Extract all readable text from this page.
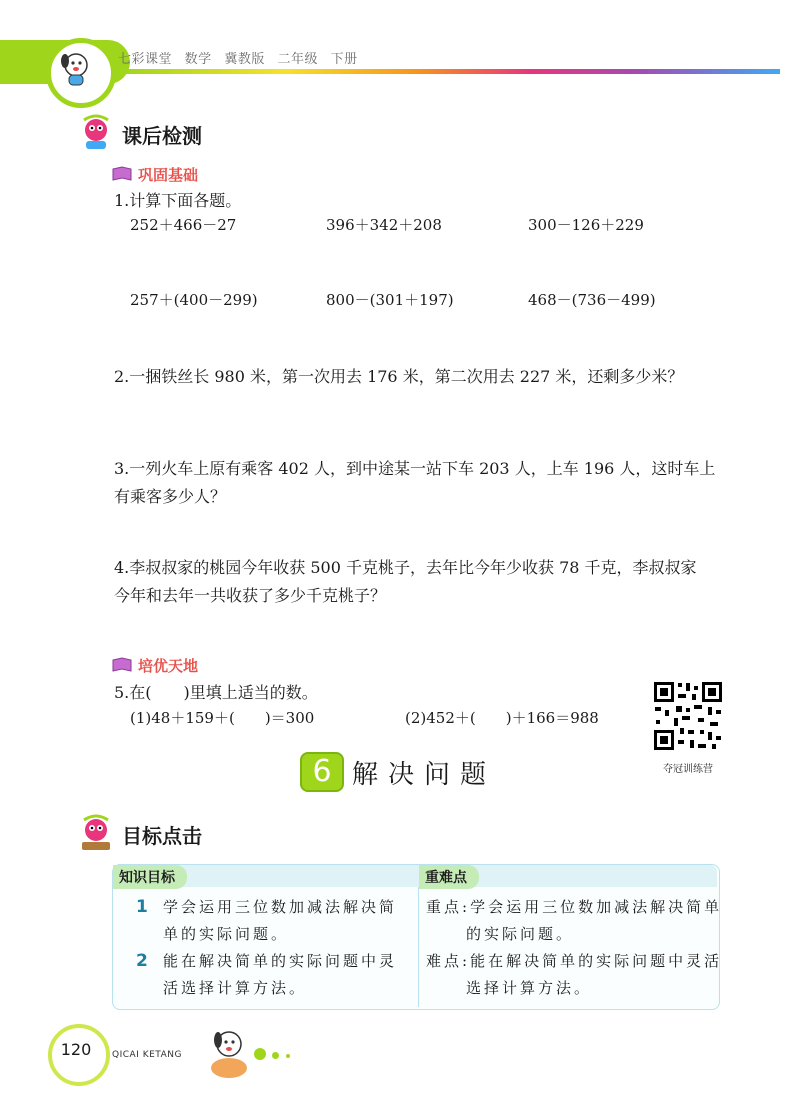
七彩课堂 数学 冀教版 二年级 下册
课后检测
巩固基础
1.计算下面各题。
252＋466－27	396＋342＋208	300－126＋229
257＋(400－299)	800－(301＋197)	468－(736－499)
2.一捆铁丝长 980 米，第一次用去 176 米，第二次用去 227 米，还剩多少米？
3.一列火车上原有乘客 402 人，到中途某一站下车 203 人，上车 196 人，这时车上
有乘客多少人？
4.李叔叔家的桃园今年收获 500 千克桃子，去年比今年少收获 78 千克，李叔叔家
今年和去年一共收获了多少千克桃子？
培优天地
5.在(　　)里填上适当的数。
(1)48＋159＋(　　)＝300	(2)452＋(　　)＋166＝988
夺冠训练营
6 解决问题
目标点击
知识目标	重难点
1 学会运用三位数加减法解决简
单的实际问题。
2 能在解决简单的实际问题中灵
活选择计算方法。
重点:学会运用三位数加减法解决简单
的实际问题。
难点:能在解决简单的实际问题中灵活
选择计算方法。
120	QICAI KETANG
